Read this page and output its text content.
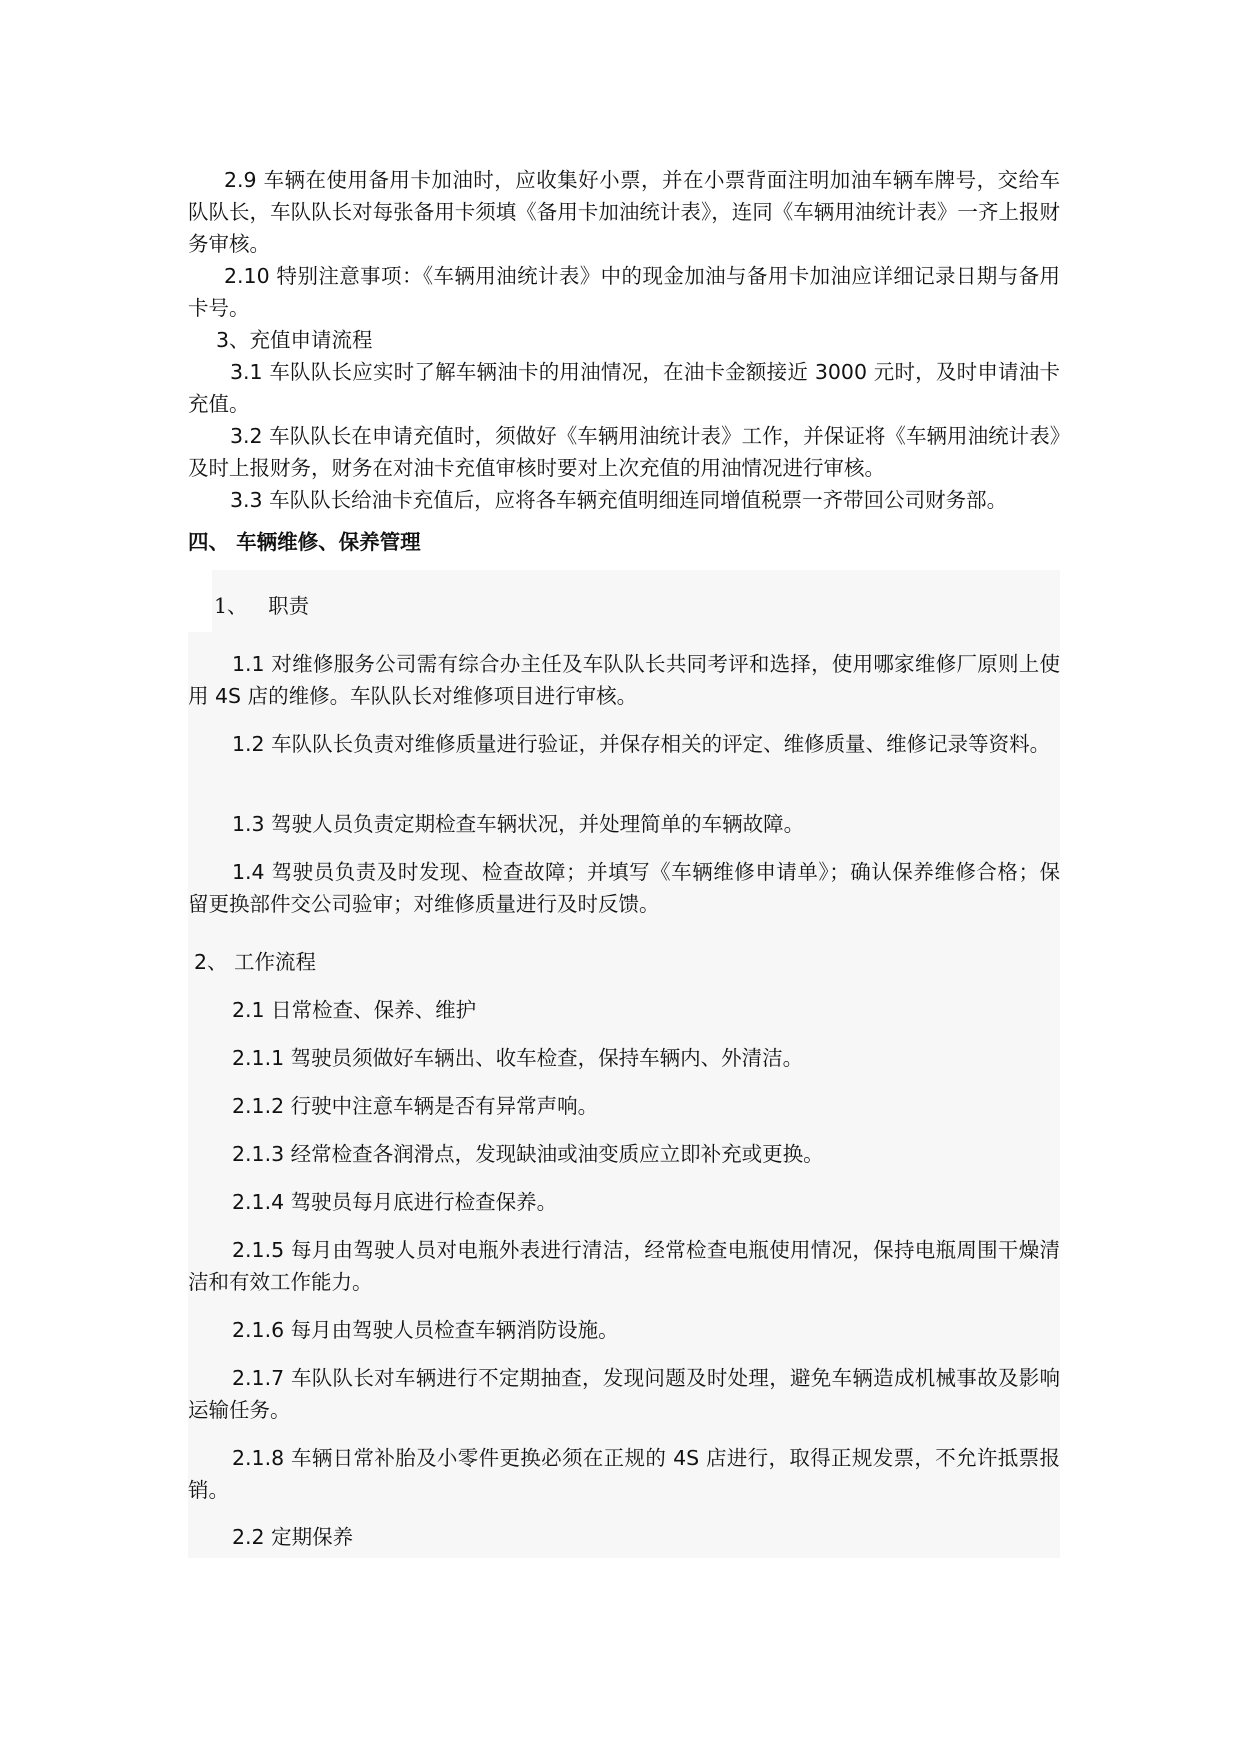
2.9 车辆在使用备用卡加油时，应收集好小票，并在小票背面注明加油车辆车牌号，交给车队队长，车队队长对每张备用卡须填《备用卡加油统计表》，连同《车辆用油统计表》一齐上报财务审核。

2.10 特别注意事项：《车辆用油统计表》中的现金加油与备用卡加油应详细记录日期与备用卡号。

3、充值申请流程

3.1 车队队长应实时了解车辆油卡的用油情况，在油卡金额接近 3000 元时，及时申请油卡充值。

3.2 车队队长在申请充值时，须做好《车辆用油统计表》工作，并保证将《车辆用油统计表》及时上报财务，财务在对油卡充值审核时要对上次充值的用油情况进行审核。

3.3 车队队长给油卡充值后，应将各车辆充值明细连同增值税票一齐带回公司财务部。

四、 车辆维修、保养管理
1、 职责

1.1 对维修服务公司需有综合办主任及车队队长共同考评和选择，使用哪家维修厂原则上使用 4S 店的维修。车队队长对维修项目进行审核。

1.2 车队队长负责对维修质量进行验证，并保存相关的评定、维修质量、维修记录等资料。

1.3 驾驶人员负责定期检查车辆状况，并处理简单的车辆故障。

1.4 驾驶员负责及时发现、检查故障；并填写《车辆维修申请单》；确认保养维修合格；保留更换部件交公司验审；对维修质量进行及时反馈。

2、 工作流程

2.1 日常检查、保养、维护

2.1.1 驾驶员须做好车辆出、收车检查，保持车辆内、外清洁。

2.1.2 行驶中注意车辆是否有异常声响。

2.1.3 经常检查各润滑点，发现缺油或油变质应立即补充或更换。

2.1.4 驾驶员每月底进行检查保养。

2.1.5 每月由驾驶人员对电瓶外表进行清洁，经常检查电瓶使用情况，保持电瓶周围干燥清洁和有效工作能力。

2.1.6 每月由驾驶人员检查车辆消防设施。

2.1.7 车队队长对车辆进行不定期抽查，发现问题及时处理，避免车辆造成机械事故及影响运输任务。

2.1.8 车辆日常补胎及小零件更换必须在正规的 4S 店进行，取得正规发票，不允许抵票报销。

2.2 定期保养
